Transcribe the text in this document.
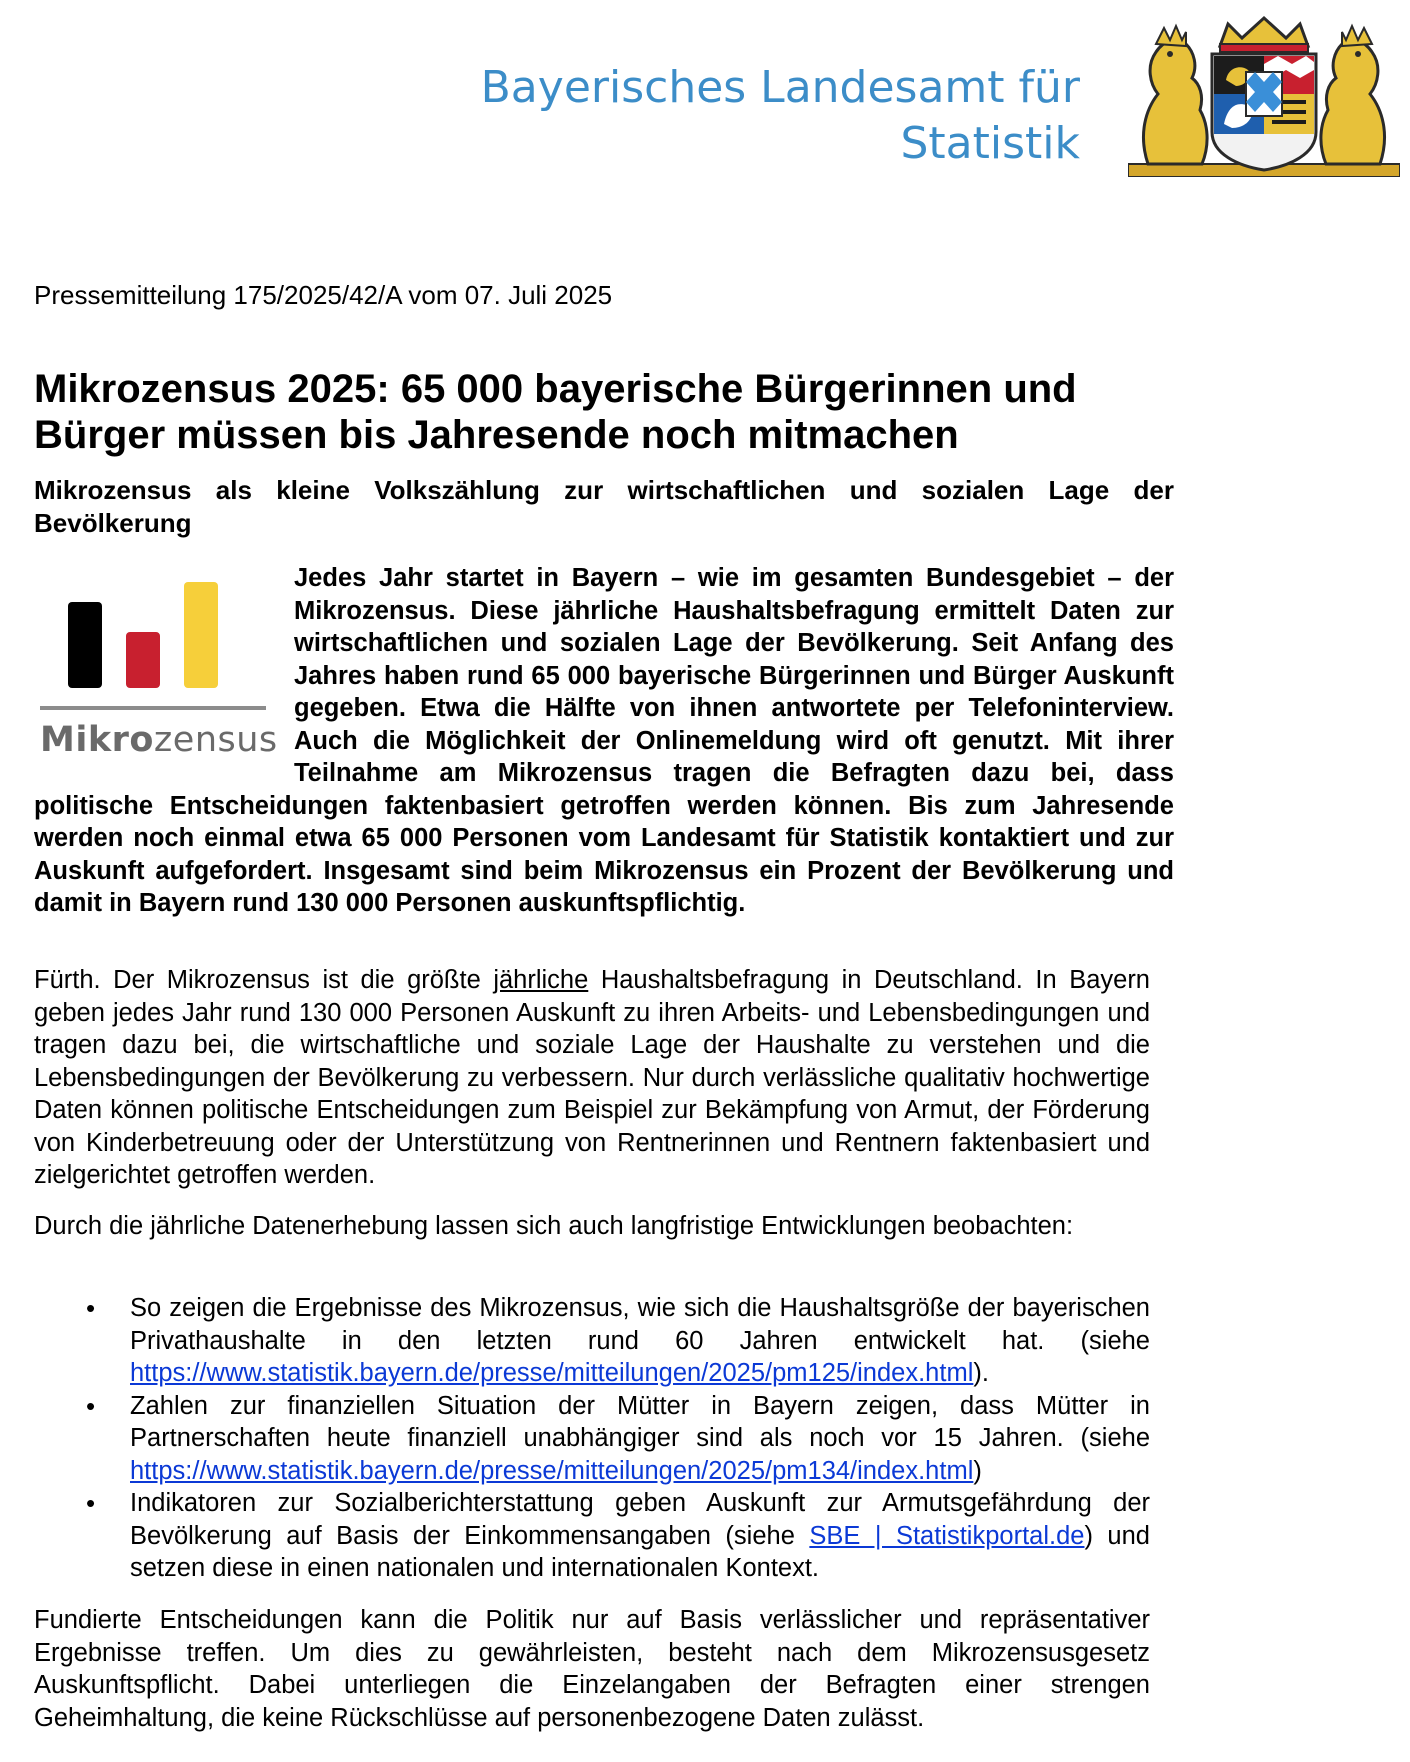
Bayerisches Landesamt für
Statistik
Pressemitteilung 175/2025/42/A vom 07. Juli 2025
Mikrozensus 2025: 65 000 bayerische Bürgerinnen und
Bürger müssen bis Jahresende noch mitmachen
Mikrozensus als kleine Volkszählung zur wirtschaftlichen und sozialen Lage der Bevölkerung

Jedes Jahr startet in Bayern – wie im gesamten Bundesgebiet – der Mikrozensus. Diese jährliche Haushaltsbefragung ermittelt Daten zur wirtschaftlichen und sozialen Lage der Bevölkerung. Seit Anfang des Jahres haben rund 65 000 bayerische Bürgerinnen und Bürger Auskunft gegeben. Etwa die Hälfte von ihnen antwortete per Telefoninterview. Auch die Möglichkeit der Onlinemeldung wird oft genutzt. Mit ihrer Teilnahme am Mikrozensus tragen die Befragten dazu bei, dass politische Entscheidungen faktenbasiert getroffen werden können. Bis zum Jahresende werden noch einmal etwa 65 000 Personen vom Landesamt für Statistik kontaktiert und zur Auskunft aufgefordert. Insgesamt sind beim Mikrozensus ein Prozent der Bevölkerung und damit in Bayern rund 130 000 Personen auskunftspflichtig.

Mikrozensus

Fürth. Der Mikrozensus ist die größte jährliche Haushaltsbefragung in Deutschland. In Bayern geben jedes Jahr rund 130 000 Personen Auskunft zu ihren Arbeits- und Lebensbedingungen und tragen dazu bei, die wirtschaftliche und soziale Lage der Haushalte zu verstehen und die Lebensbedingungen der Bevölkerung zu verbessern. Nur durch verlässliche qualitativ hochwertige Daten können politische Entscheidungen zum Beispiel zur Bekämpfung von Armut, der Förderung von Kinderbetreuung oder der Unterstützung von Rentnerinnen und Rentnern faktenbasiert und zielgerichtet getroffen werden.

Durch die jährliche Datenerhebung lassen sich auch langfristige Entwicklungen beobachten:

• So zeigen die Ergebnisse des Mikrozensus, wie sich die Haushaltsgröße der bayerischen Privathaushalte in den letzten rund 60 Jahren entwickelt hat. (siehe https://www.statistik.bayern.de/presse/mitteilungen/2025/pm125/index.html).
• Zahlen zur finanziellen Situation der Mütter in Bayern zeigen, dass Mütter in Partnerschaften heute finanziell unabhängiger sind als noch vor 15 Jahren. (siehe https://www.statistik.bayern.de/presse/mitteilungen/2025/pm134/index.html)
• Indikatoren zur Sozialberichterstattung geben Auskunft zur Armutsgefährdung der Bevölkerung auf Basis der Einkommensangaben (siehe SBE | Statistikportal.de) und setzen diese in einen nationalen und internationalen Kontext.

Fundierte Entscheidungen kann die Politik nur auf Basis verlässlicher und repräsentativer Ergebnisse treffen. Um dies zu gewährleisten, besteht nach dem Mikrozensusgesetz Auskunftspflicht. Dabei unterliegen die Einzelangaben der Befragten einer strengen Geheimhaltung, die keine Rückschlüsse auf personenbezogene Daten zulässt.
